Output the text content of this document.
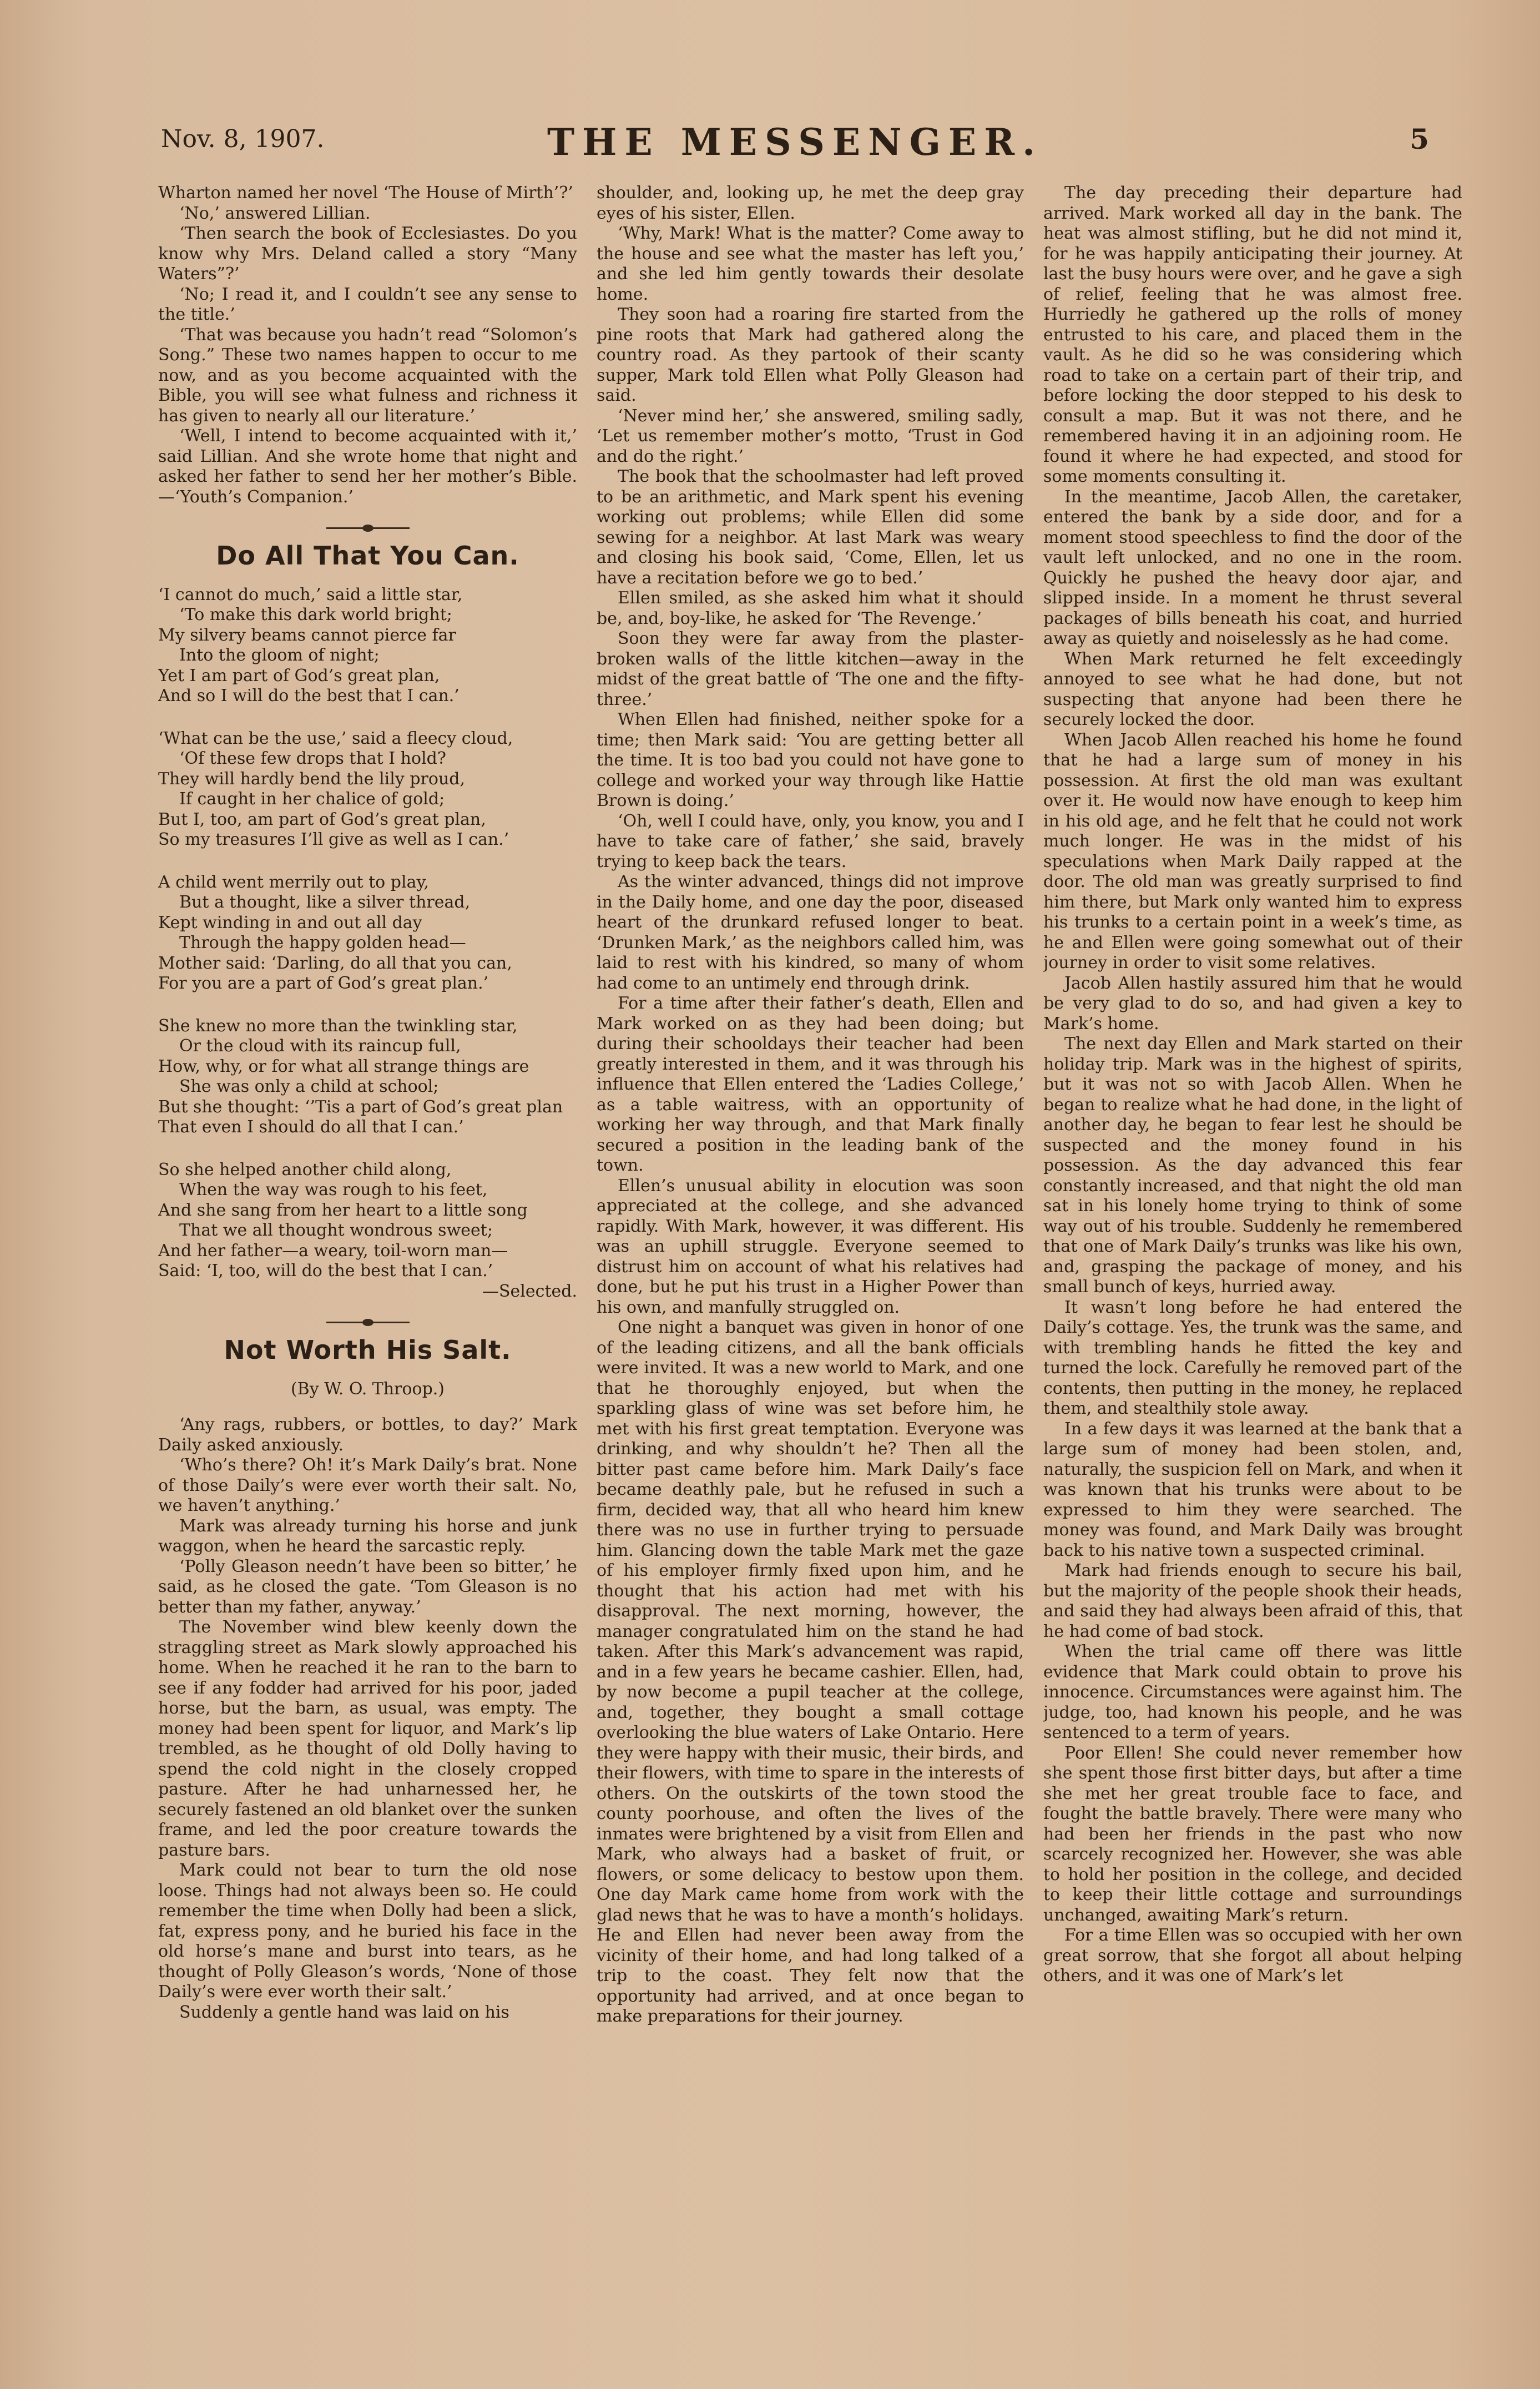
Nov. 8, 1907.	THE MESSENGER.	5

Wharton named her novel ‘The House of Mirth’?’

‘No,’ answered Lillian.

‘Then search the book of Ecclesiastes. Do you know why Mrs. Deland called a story “Many Waters”?’

‘No; I read it, and I couldn’t see any sense to the title.’

‘That was because you hadn’t read “Solomon’s Song.” These two names happen to occur to me now, and as you become acquainted with the Bible, you will see what fulness and richness it has given to nearly all our literature.’

‘Well, I intend to become acquainted with it,’ said Lillian. And she wrote home that night and asked her father to send her her mother’s Bible.—‘Youth’s Companion.’

Do All That You Can.
‘I cannot do much,’ said a little star,
‘To make this dark world bright;
My silvery beams cannot pierce far
Into the gloom of night;
Yet I am part of God’s great plan,
And so I will do the best that I can.’
‘What can be the use,’ said a fleecy cloud,
‘Of these few drops that I hold?
They will hardly bend the lily proud,
If caught in her chalice of gold;
But I, too, am part of God’s great plan,
So my treasures I’ll give as well as I can.’
A child went merrily out to play,
But a thought, like a silver thread,
Kept winding in and out all day
Through the happy golden head—
Mother said: ‘Darling, do all that you can,
For you are a part of God’s great plan.’
She knew no more than the twinkling star,
Or the cloud with its raincup full,
How, why, or for what all strange things are
She was only a child at school;
But she thought: ‘’Tis a part of God’s great plan
That even I should do all that I can.’
So she helped another child along,
When the way was rough to his feet,
And she sang from her heart to a little song
That we all thought wondrous sweet;
And her father—a weary, toil-worn man—
Said: ‘I, too, will do the best that I can.’

—Selected.

Not Worth His Salt.

(By W. O. Throop.)

‘Any rags, rubbers, or bottles, to day?’ Mark Daily asked anxiously.

‘Who’s there? Oh! it’s Mark Daily’s brat. None of those Daily’s were ever worth their salt. No, we haven’t anything.’

Mark was already turning his horse and junk waggon, when he heard the sarcastic reply.

‘Polly Gleason needn’t have been so bitter,’ he said, as he closed the gate. ‘Tom Gleason is no better than my father, anyway.’

The November wind blew keenly down the straggling street as Mark slowly approached his home. When he reached it he ran to the barn to see if any fodder had arrived for his poor, jaded horse, but the barn, as usual, was empty. The money had been spent for liquor, and Mark’s lip trembled, as he thought of old Dolly having to spend the cold night in the closely cropped pasture. After he had unharnessed her, he securely fastened an old blanket over the sunken frame, and led the poor creature towards the pasture bars.

Mark could not bear to turn the old nose loose. Things had not always been so. He could remember the time when Dolly had been a slick, fat, express pony, and he buried his face in the old horse’s mane and burst into tears, as he thought of Polly Gleason’s words, ‘None of those Daily’s were ever worth their salt.’

Suddenly a gentle hand was laid on his

shoulder, and, looking up, he met the deep gray eyes of his sister, Ellen.

‘Why, Mark! What is the matter? Come away to the house and see what the master has left you,’ and she led him gently towards their desolate home.

They soon had a roaring fire started from the pine roots that Mark had gathered along the country road. As they partook of their scanty supper, Mark told Ellen what Polly Gleason had said.

‘Never mind her,’ she answered, smiling sadly, ‘Let us remember mother’s motto, ‘Trust in God and do the right.’

The book that the schoolmaster had left proved to be an arithmetic, and Mark spent his evening working out problems; while Ellen did some sewing for a neighbor. At last Mark was weary and closing his book said, ‘Come, Ellen, let us have a recitation before we go to bed.’

Ellen smiled, as she asked him what it should be, and, boy-like, he asked for ‘The Revenge.’

Soon they were far away from the plaster-broken walls of the little kitchen—away in the midst of the great battle of ‘The one and the fifty-three.’

When Ellen had finished, neither spoke for a time; then Mark said: ‘You are getting better all the time. It is too bad you could not have gone to college and worked your way through like Hattie Brown is doing.’

‘Oh, well I could have, only, you know, you and I have to take care of father,’ she said, bravely trying to keep back the tears.

As the winter advanced, things did not improve in the Daily home, and one day the poor, diseased heart of the drunkard refused longer to beat. ‘Drunken Mark,’ as the neighbors called him, was laid to rest with his kindred, so many of whom had come to an untimely end through drink.

For a time after their father’s death, Ellen and Mark worked on as they had been doing; but during their schooldays their teacher had been greatly interested in them, and it was through his influence that Ellen entered the ‘Ladies College,’ as a table waitress, with an opportunity of working her way through, and that Mark finally secured a position in the leading bank of the town.

Ellen’s unusual ability in elocution was soon appreciated at the college, and she advanced rapidly. With Mark, however, it was different. His was an uphill struggle. Everyone seemed to distrust him on account of what his relatives had done, but he put his trust in a Higher Power than his own, and manfully struggled on.

One night a banquet was given in honor of one of the leading citizens, and all the bank officials were invited. It was a new world to Mark, and one that he thoroughly enjoyed, but when the sparkling glass of wine was set before him, he met with his first great temptation. Everyone was drinking, and why shouldn’t he? Then all the bitter past came before him. Mark Daily’s face became deathly pale, but he refused in such a firm, decided way, that all who heard him knew there was no use in further trying to persuade him. Glancing down the table Mark met the gaze of his employer firmly fixed upon him, and he thought that his action had met with his disapproval. The next morning, however, the manager congratulated him on the stand he had taken. After this Mark’s advancement was rapid, and in a few years he became cashier. Ellen, had, by now become a pupil teacher at the college, and, together, they bought a small cottage overlooking the blue waters of Lake Ontario. Here they were happy with their music, their birds, and their flowers, with time to spare in the interests of others. On the outskirts of the town stood the county poorhouse, and often the lives of the inmates were brightened by a visit from Ellen and Mark, who always had a basket of fruit, or flowers, or some delicacy to bestow upon them. One day Mark came home from work with the glad news that he was to have a month’s holidays. He and Ellen had never been away from the vicinity of their home, and had long talked of a trip to the coast. They felt now that the opportunity had arrived, and at once began to make preparations for their journey.

The day preceding their departure had arrived. Mark worked all day in the bank. The heat was almost stifling, but he did not mind it, for he was happily anticipating their journey. At last the busy hours were over, and he gave a sigh of relief, feeling that he was almost free. Hurriedly he gathered up the rolls of money entrusted to his care, and placed them in the vault. As he did so he was considering which road to take on a certain part of their trip, and before locking the door stepped to his desk to consult a map. But it was not there, and he remembered having it in an adjoining room. He found it where he had expected, and stood for some moments consulting it.

In the meantime, Jacob Allen, the caretaker, entered the bank by a side door, and for a moment stood speechless to find the door of the vault left unlocked, and no one in the room. Quickly he pushed the heavy door ajar, and slipped inside. In a moment he thrust several packages of bills beneath his coat, and hurried away as quietly and noiselessly as he had come.

When Mark returned he felt exceedingly annoyed to see what he had done, but not suspecting that anyone had been there he securely locked the door.

When Jacob Allen reached his home he found that he had a large sum of money in his possession. At first the old man was exultant over it. He would now have enough to keep him in his old age, and he felt that he could not work much longer. He was in the midst of his speculations when Mark Daily rapped at the door. The old man was greatly surprised to find him there, but Mark only wanted him to express his trunks to a certain point in a week’s time, as he and Ellen were going somewhat out of their journey in order to visit some relatives.

Jacob Allen hastily assured him that he would be very glad to do so, and had given a key to Mark’s home.

The next day Ellen and Mark started on their holiday trip. Mark was in the highest of spirits, but it was not so with Jacob Allen. When he began to realize what he had done, in the light of another day, he began to fear lest he should be suspected and the money found in his possession. As the day advanced this fear constantly increased, and that night the old man sat in his lonely home trying to think of some way out of his trouble. Suddenly he remembered that one of Mark Daily’s trunks was like his own, and, grasping the package of money, and his small bunch of keys, hurried away.

It wasn’t long before he had entered the Daily’s cottage. Yes, the trunk was the same, and with trembling hands he fitted the key and turned the lock. Carefully he removed part of the contents, then putting in the money, he replaced them, and stealthily stole away.

In a few days it was learned at the bank that a large sum of money had been stolen, and, naturally, the suspicion fell on Mark, and when it was known that his trunks were about to be expressed to him they were searched. The money was found, and Mark Daily was brought back to his native town a suspected criminal.

Mark had friends enough to secure his bail, but the majority of the people shook their heads, and said they had always been afraid of this, that he had come of bad stock.

When the trial came off there was little evidence that Mark could obtain to prove his innocence. Circumstances were against him. The judge, too, had known his people, and he was sentenced to a term of years.

Poor Ellen! She could never remember how she spent those first bitter days, but after a time she met her great trouble face to face, and fought the battle bravely. There were many who had been her friends in the past who now scarcely recognized her. However, she was able to hold her position in the college, and decided to keep their little cottage and surroundings unchanged, awaiting Mark’s return.

For a time Ellen was so occupied with her own great sorrow, that she forgot all about helping others, and it was one of Mark’s let
